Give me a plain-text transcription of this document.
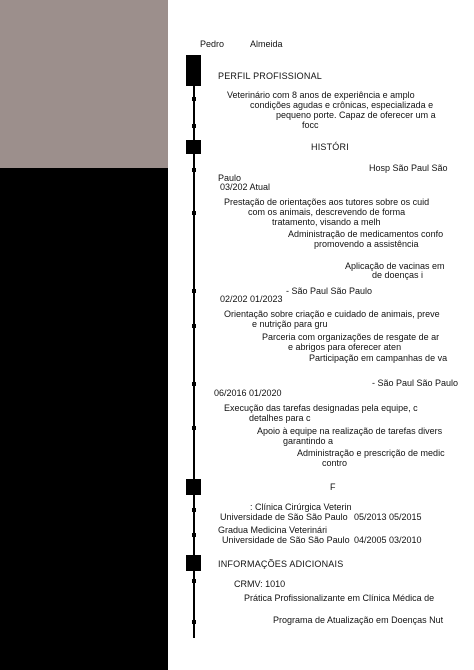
Pedro	Almeida
PERFIL PROFISSIONAL
Veterinário com 8 anos de experiência e amplo
condições agudas e crônicas, especializada e
pequeno porte. Capaz de oferecer um a
focc
HISTÓRI
Hosp São Paul São
Paulo
03/202 Atual
Prestação de orientações aos tutores sobre os cuid
com os animais, descrevendo de forma
tratamento, visando a melh
Administração de medicamentos confo
promovendo a assistência
Aplicação de vacinas em
de doenças i
- São Paul São Paulo
02/202 01/2023
Orientação sobre criação e cuidado de animais, preve
e nutrição para gru
Parceria com organizações de resgate de ar
e abrigos para oferecer aten
Participação em campanhas de va
- São Paul São Paulo
06/2016 01/2020
Execução das tarefas designadas pela equipe, c
detalhes para c
Apoio à equipe na realização de tarefas divers
garantindo a
Administração e prescrição de medic
contro
F
: Clínica Cirúrgica Veterin
Universidade de São São Paulo 05/2013 05/2015
Gradua Medicina Veterinári
Universidade de São São Paulo 04/2005 03/2010
INFORMAÇÕES ADICIONAIS
CRMV: 1010
Prática Profissionalizante em Clínica Médica de
Programa de Atualização em Doenças Nut
